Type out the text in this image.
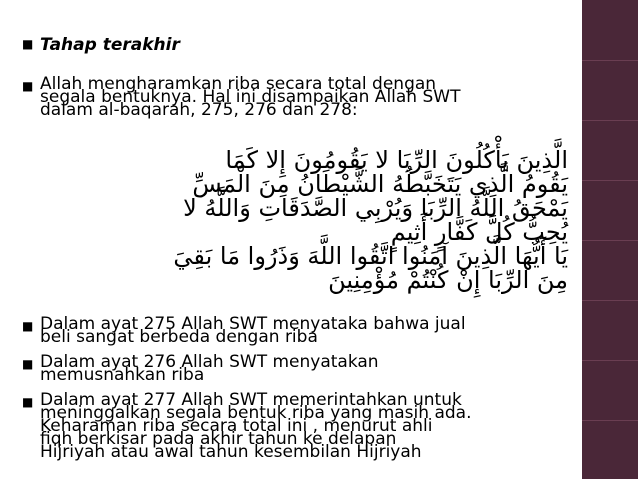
■ Tahap terakhir
■ Allah mengharamkan riba secara total dengan
segala bentuknya. Hal ini disampaikan Allah SWT
dalam al-baqarah, 275, 276 dan 278:
الَّذِينَ يَأْكُلُونَ الرِّبَا لا يَقُومُونَ إِلا كَمَا
يَقُومُ الَّذِي يَتَخَبَّطُهُ الشَّيْطَانُ مِنَ الْمَسِّ
يَمْحَقُ اللَّهُ الرِّبَا وَيُرْبِي الصَّدَقَاتِ وَاللَّهُ لا
يُحِبُّ كُلَّ كَفَّارٍ أَثِيمٍ
يَا أَيُّهَا الَّذِينَ آمَنُوا اتَّقُوا اللَّهَ وَذَرُوا مَا بَقِيَ
مِنَ الرِّبَا إِنْ كُنْتُمْ مُؤْمِنِينَ
■ Dalam ayat 275 Allah SWT menyataka bahwa jual
beli sangat berbeda dengan riba
■ Dalam ayat 276 Allah SWT menyatakan
memusnahkan riba
■ Dalam ayat 277 Allah SWT memerintahkan untuk
meninggalkan segala bentuk riba yang masih ada.
Keharaman riba secara total ini , menurut ahli
fiqh berkisar pada akhir tahun ke delapan
Hijriyah atau awal tahun kesembilan Hijriyah
